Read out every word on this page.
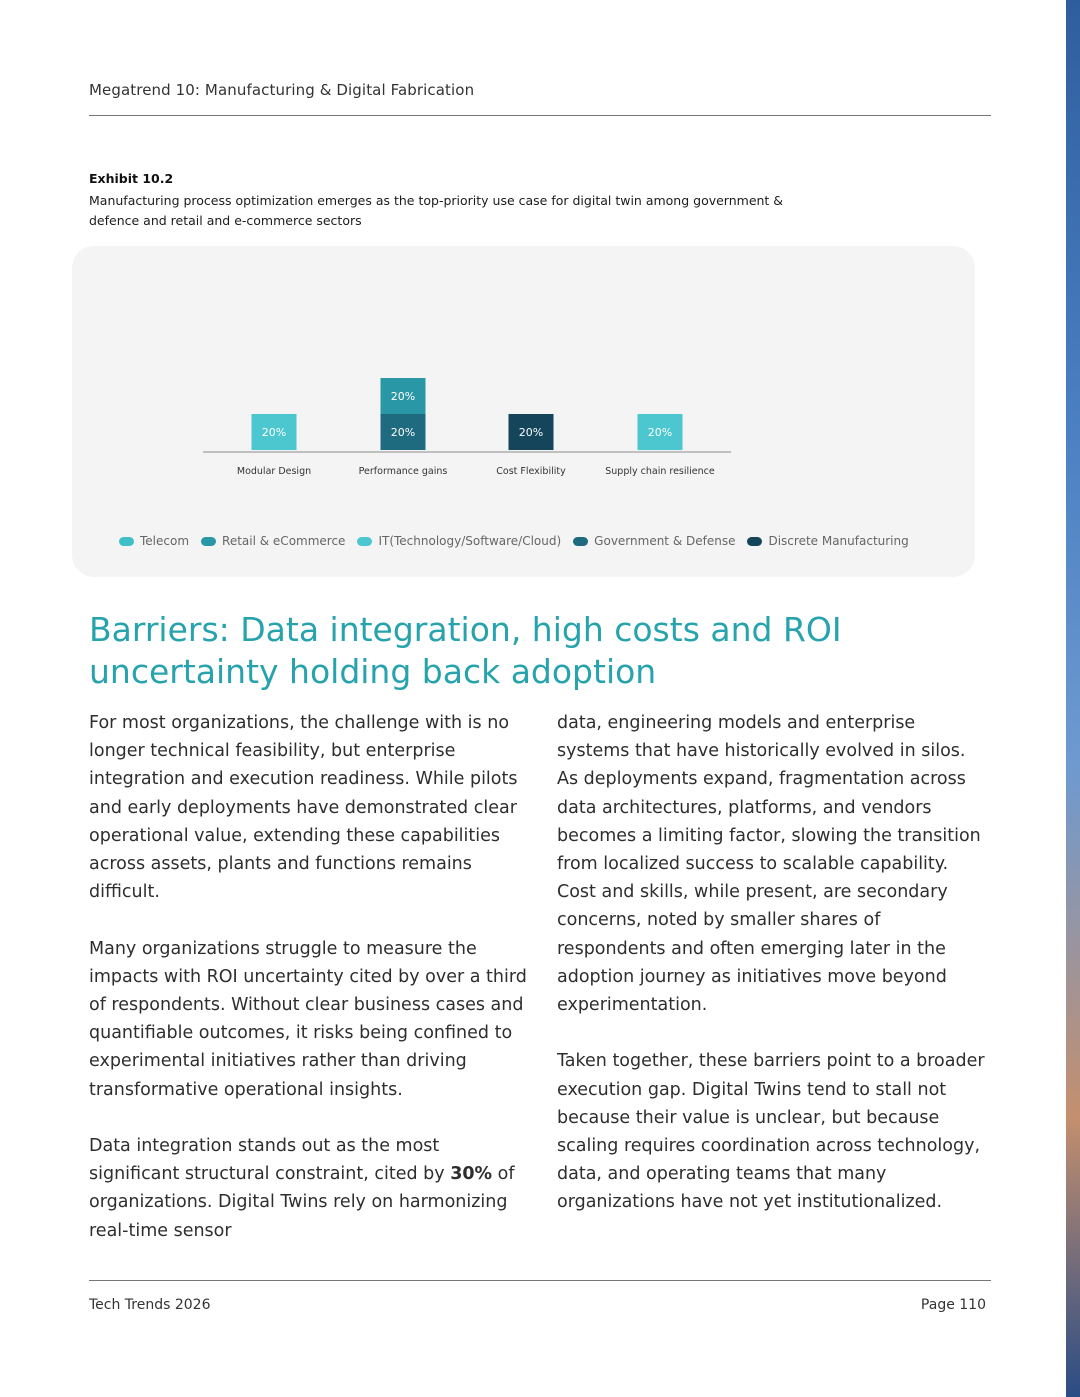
Megatrend 10: Manufacturing & Digital Fabrication
Exhibit 10.2
Manufacturing process optimization emerges as the top-priority use case for digital twin among government & defence and retail and e-commerce sectors
20%	20%
20%
20%	20%
Modular Design	Performance gains	Cost Flexibility	Supply chain resilience
Telecom	Retail & eCommerce	IT(Technology/Software/Cloud)	Government & Defense	Discrete Manufacturing
Barriers: Data integration, high costs and ROI uncertainty holding back adoption

For most organizations, the challenge with is no longer technical feasibility, but enterprise integration and execution readiness. While pilots and early deployments have demonstrated clear operational value, extending these capabilities across assets, plants and functions remains difficult.

Many organizations struggle to measure the impacts with ROI uncertainty cited by over a third of respondents. Without clear business cases and quantifiable outcomes, it risks being confined to experimental initiatives rather than driving transformative operational insights.

Data integration stands out as the most significant structural constraint, cited by 30% of organizations. Digital Twins rely on harmonizing real-time sensor

data, engineering models and enterprise systems that have historically evolved in silos. As deployments expand, fragmentation across data architectures, platforms, and vendors becomes a limiting factor, slowing the transition from localized success to scalable capability. Cost and skills, while present, are secondary concerns, noted by smaller shares of respondents and often emerging later in the adoption journey as initiatives move beyond experimentation.

Taken together, these barriers point to a broader execution gap. Digital Twins tend to stall not because their value is unclear, but because scaling requires coordination across technology, data, and operating teams that many organizations have not yet institutionalized.

Tech Trends 2026	Page 110
